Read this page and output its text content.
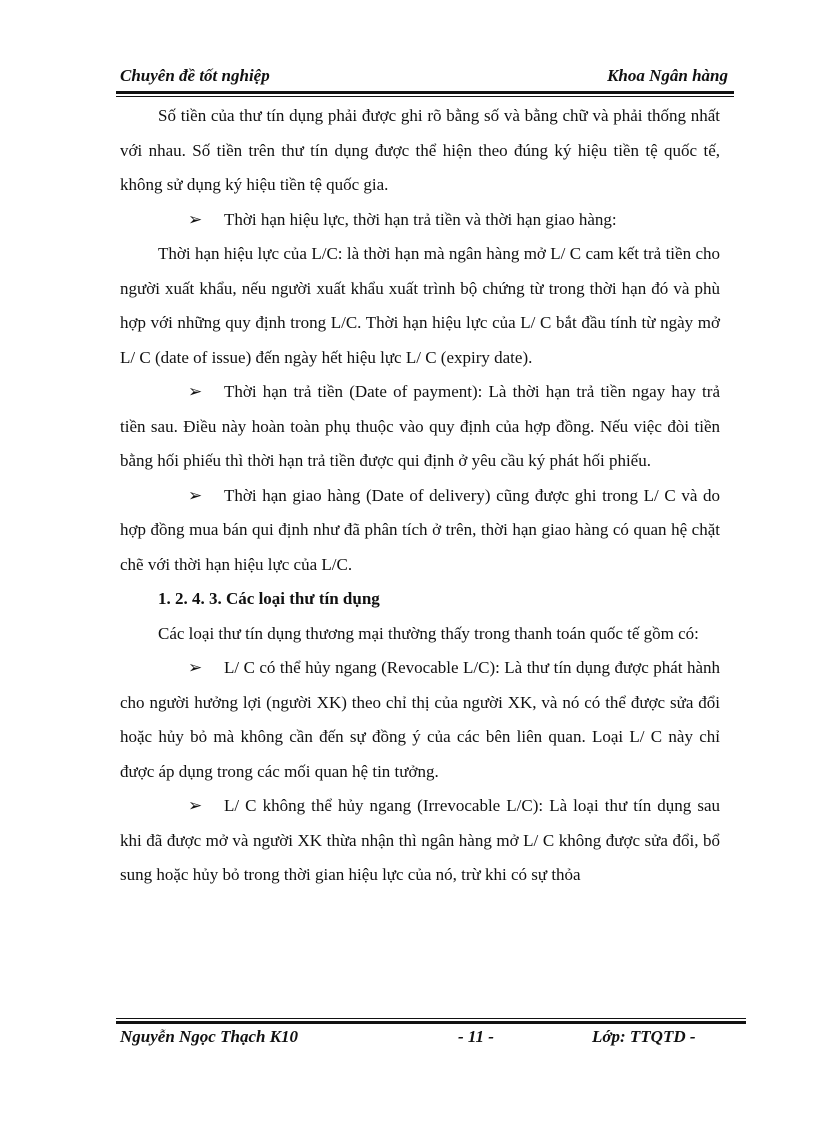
Chuyên đề tốt nghiệp	Khoa Ngân hàng

Số tiền của thư tín dụng phải được ghi rõ bằng số và bằng chữ và phải thống nhất với nhau. Số tiền trên thư tín dụng được thể hiện theo đúng ký hiệu tiền tệ quốc tế, không sử dụng ký hiệu tiền tệ quốc gia.

➢ Thời hạn hiệu lực, thời hạn trả tiền và thời hạn giao hàng:

Thời hạn hiệu lực của L/C: là thời hạn mà ngân hàng mở L/ C cam kết trả tiền cho người xuất khẩu, nếu người xuất khẩu xuất trình bộ chứng từ trong thời hạn đó và phù hợp với những quy định trong L/C. Thời hạn hiệu lực của L/ C bắt đầu tính từ ngày mở L/ C (date of issue) đến ngày hết hiệu lực L/ C (expiry date).

➢ Thời hạn trả tiền (Date of payment): Là thời hạn trả tiền ngay hay trả tiền sau. Điều này hoàn toàn phụ thuộc vào quy định của hợp đồng. Nếu việc đòi tiền bằng hối phiếu thì thời hạn trả tiền được qui định ở yêu cầu ký phát hối phiếu.

➢ Thời hạn giao hàng (Date of delivery) cũng được ghi trong L/ C và do hợp đồng mua bán qui định như đã phân tích ở trên, thời hạn giao hàng có quan hệ chặt chẽ với thời hạn hiệu lực của L/C.

1. 2. 4. 3. Các loại thư tín dụng

Các loại thư tín dụng thương mại thường thấy trong thanh toán quốc tế gồm có:

➢ L/ C có thể hủy ngang (Revocable L/C): Là thư tín dụng được phát hành cho người hưởng lợi (người XK) theo chỉ thị của người XK, và nó có thể được sửa đổi hoặc hủy bỏ mà không cần đến sự đồng ý của các bên liên quan. Loại L/ C này chỉ được áp dụng trong các mối quan hệ tin tưởng.

➢ L/ C không thể hủy ngang (Irrevocable L/C): Là loại thư tín dụng sau khi đã được mở và người XK thừa nhận thì ngân hàng mở L/ C không được sửa đổi, bổ sung hoặc hủy bỏ trong thời gian hiệu lực của nó, trừ khi có sự thỏa

Nguyễn Ngọc Thạch K10	- 11 -	Lớp: TTQTD -
